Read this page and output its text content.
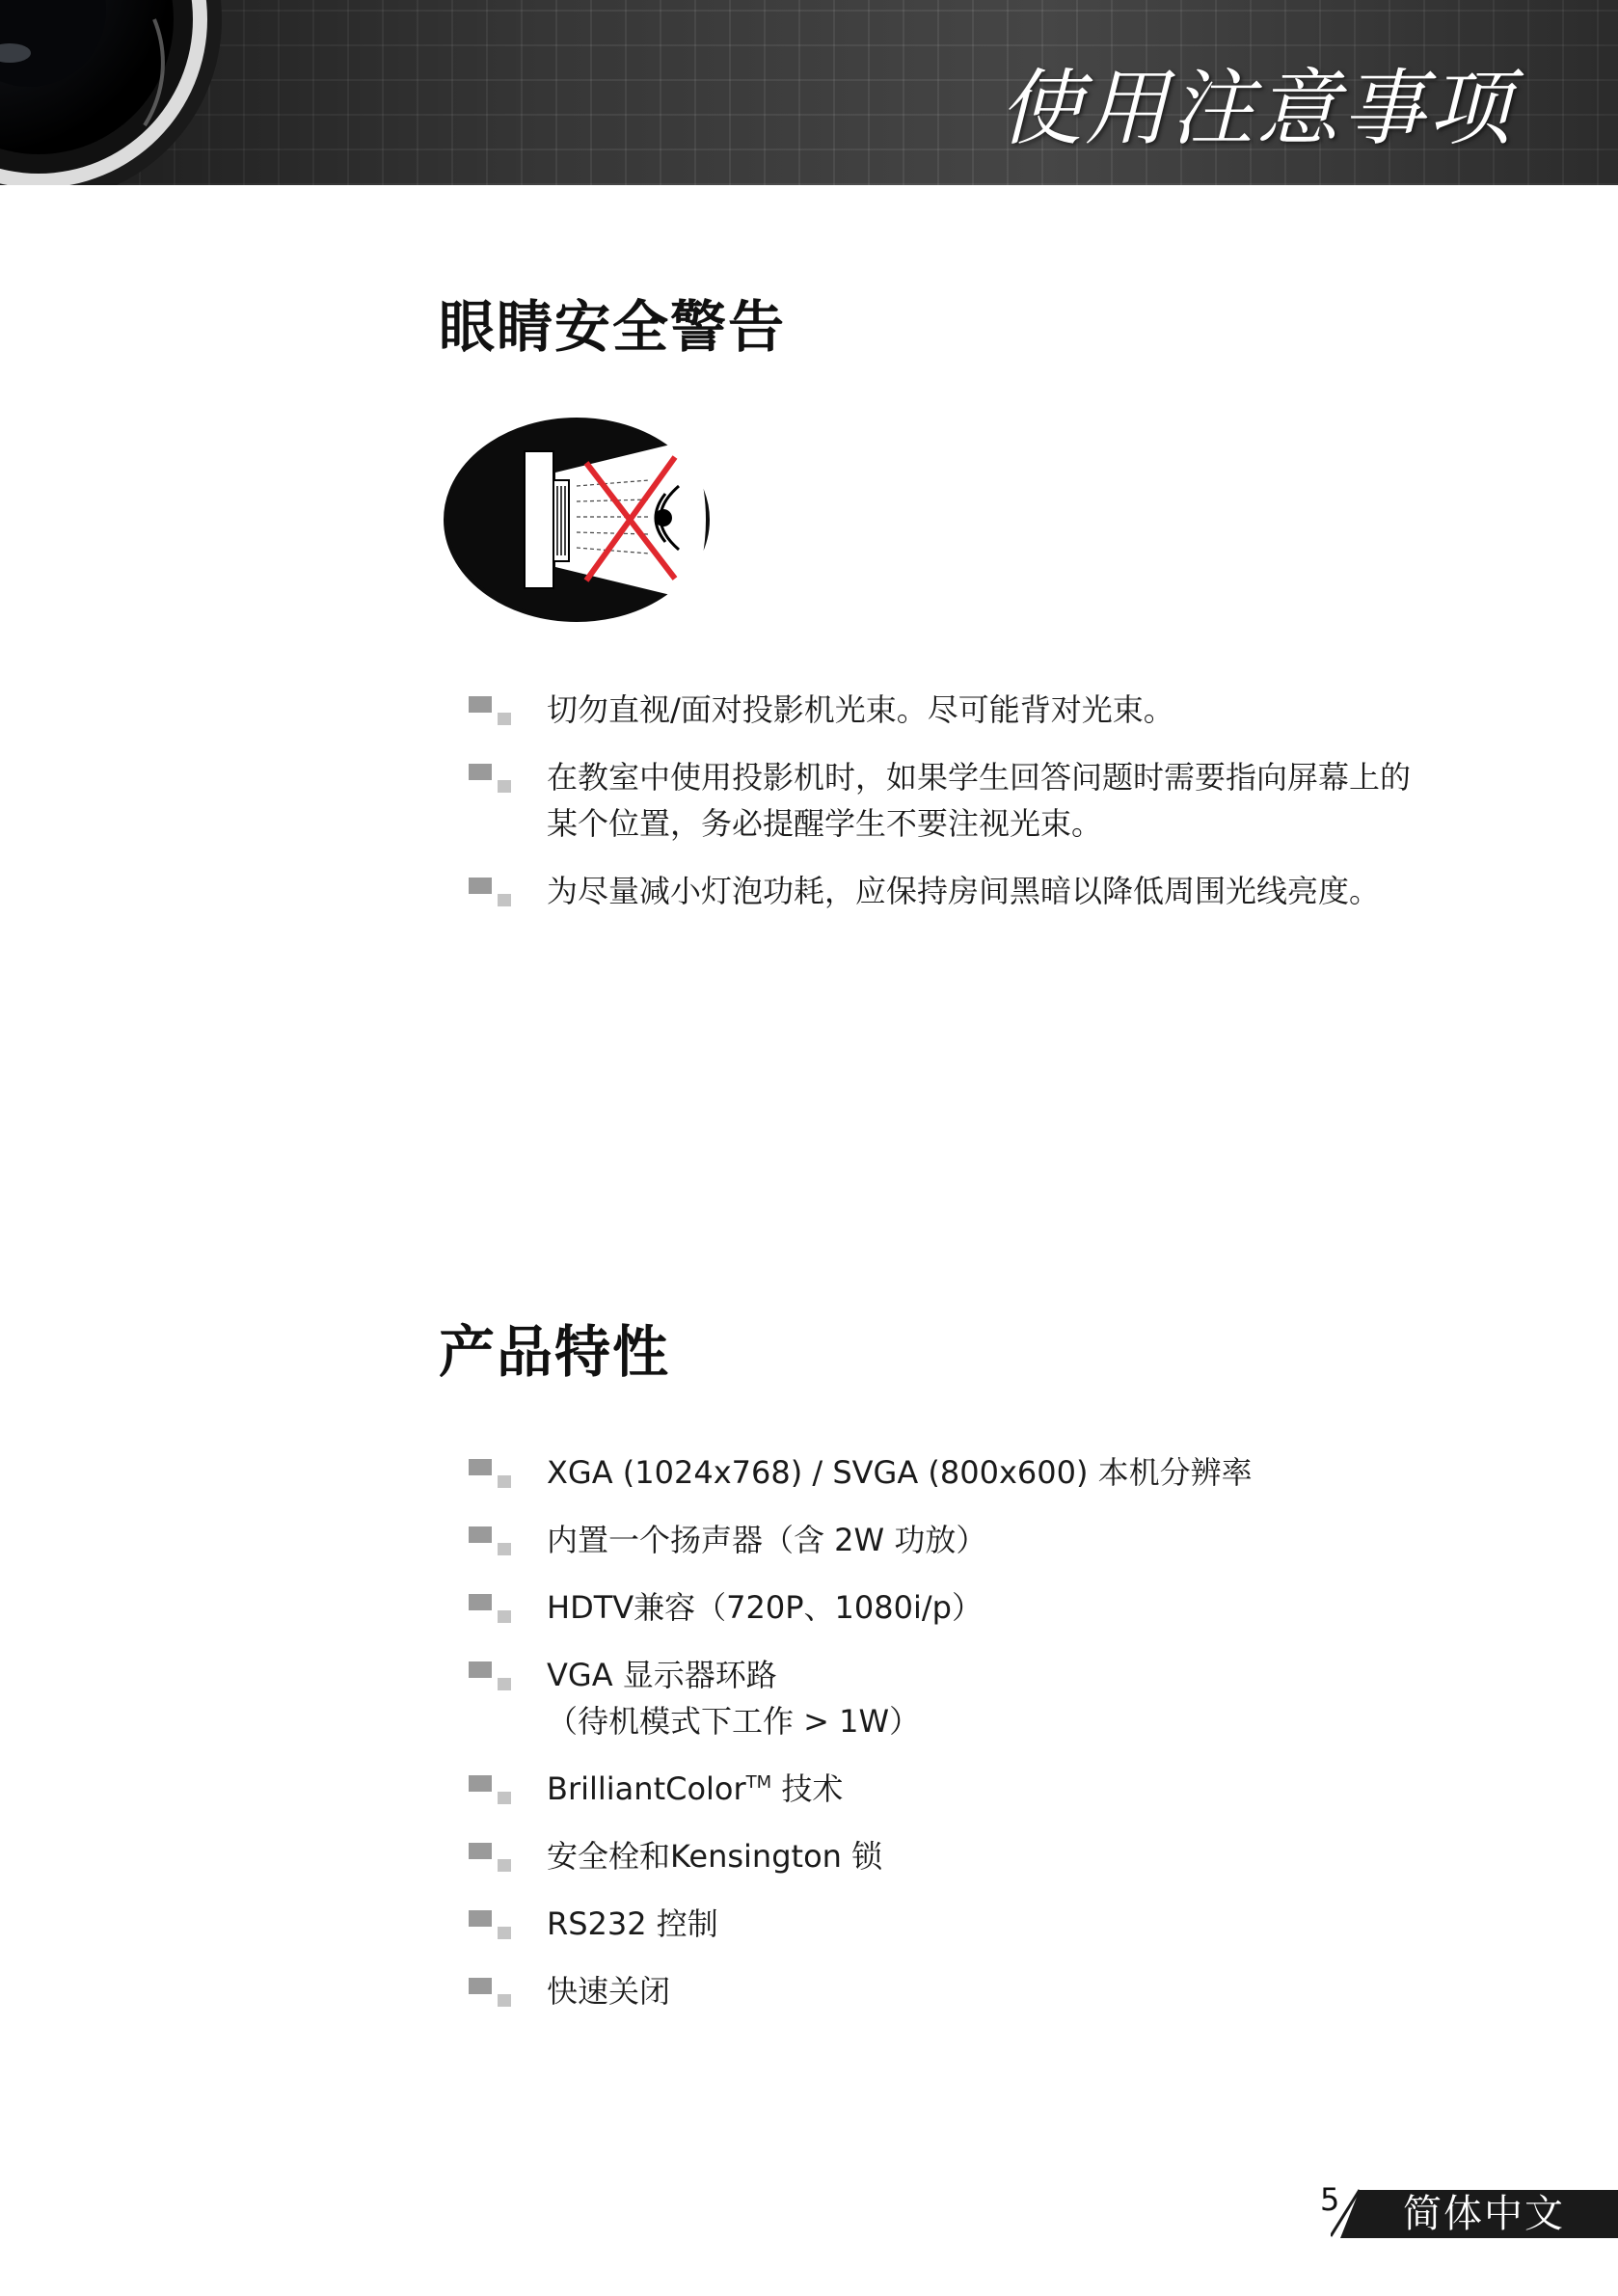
使用注意事项
眼睛安全警告
切勿直视/面对投影机光束。尽可能背对光束。
在教室中使用投影机时，如果学生回答问题时需要指向屏幕上的
某个位置，务必提醒学生不要注视光束。
为尽量减小灯泡功耗，应保持房间黑暗以降低周围光线亮度。
产品特性
XGA (1024x768) / SVGA (800x600) 本机分辨率
内置一个扬声器（含 2W 功放）
HDTV兼容（720P、1080i/p）
VGA 显示器环路
（待机模式下工作 > 1W）
BrilliantColor™ 技术
安全栓和Kensington 锁
RS232 控制
快速关闭
5 简体中文
